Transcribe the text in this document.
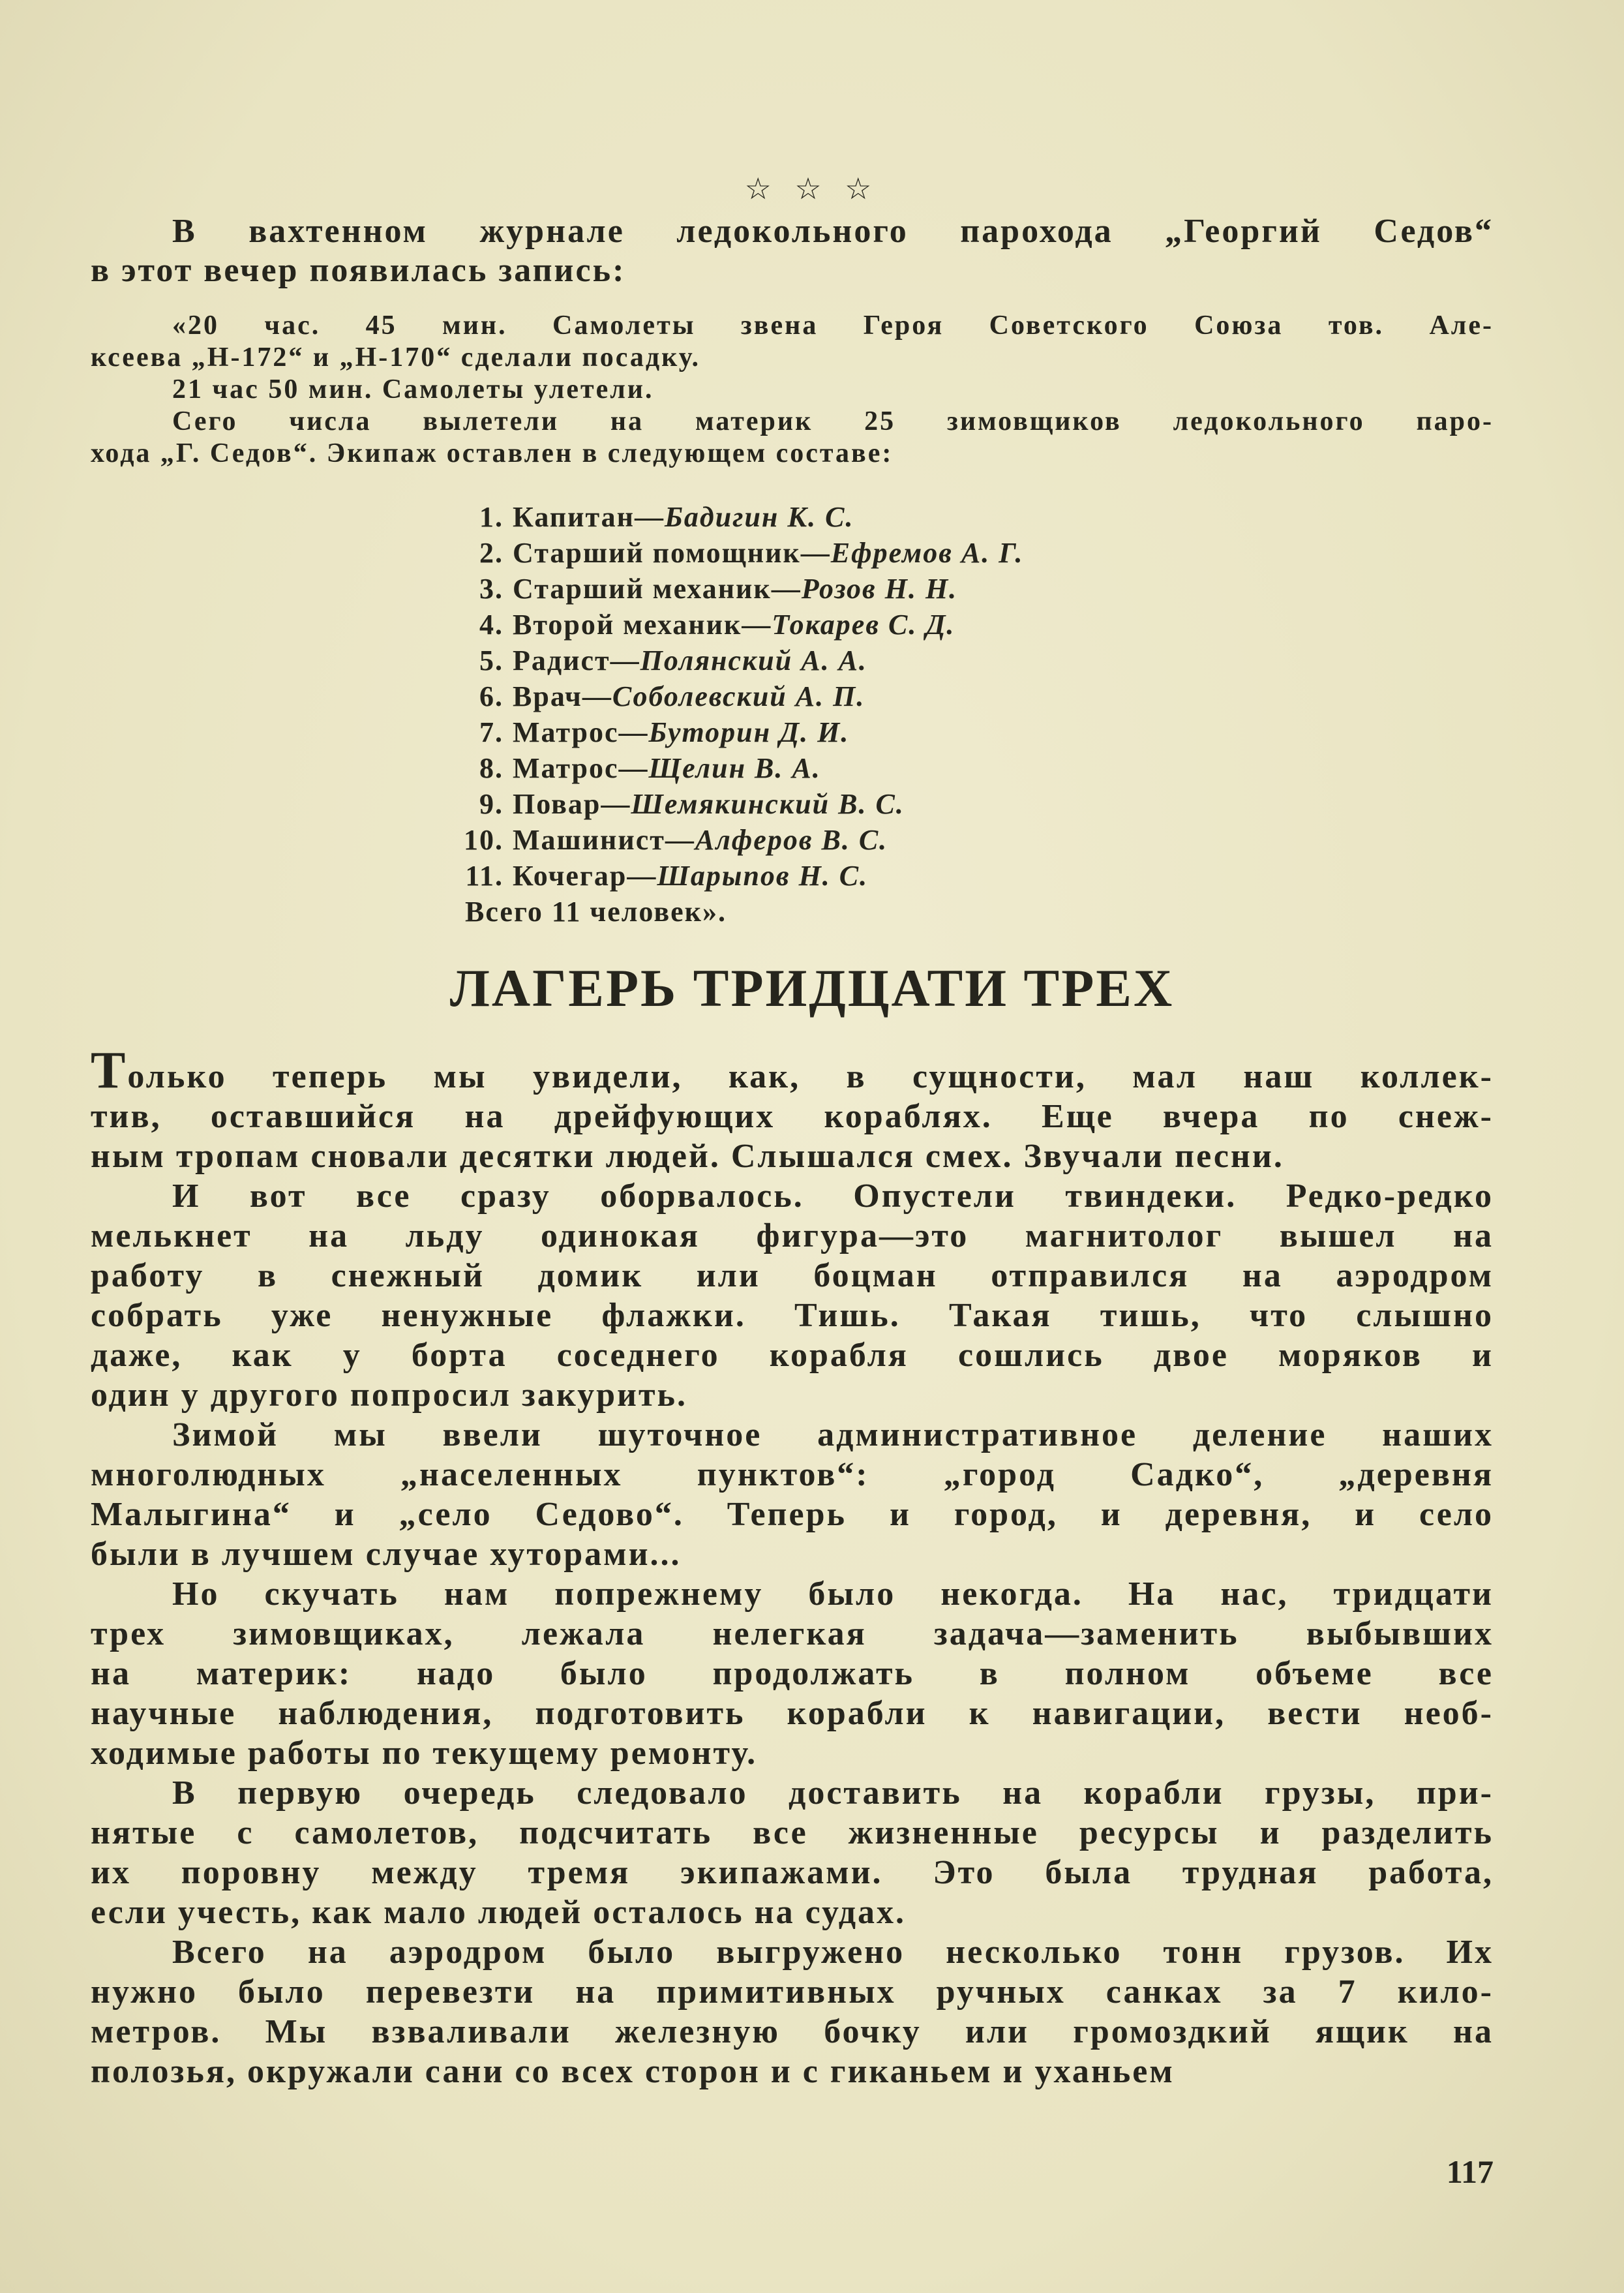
☆ ☆ ☆
В вахтенном журнале ледокольного парохода „Георгий Седов“
в этот вечер появилась запись:
«20 час. 45 мин. Самолеты звена Героя Советского Союза тов. Але-
ксеева „Н-172“ и „Н-170“ сделали посадку.
21 час 50 мин. Самолеты улетели.
Сего числа вылетели на материк 25 зимовщиков ледокольного паро-
хода „Г. Седов“. Экипаж оставлен в следующем составе:
1. Капитан—Бадигин К. С.
2. Старший помощник—Ефремов А. Г.
3. Старший механик—Розов Н. Н.
4. Второй механик—Токарев С. Д.
5. Радист—Полянский А. А.
6. Врач—Соболевский А. П.
7. Матрос—Буторин Д. И.
8. Матрос—Щелин В. А.
9. Повар—Шемякинский В. С.
10. Машинист—Алферов В. С.
11. Кочегар—Шарыпов Н. С.
Всего 11 человек».
ЛАГЕРЬ ТРИДЦАТИ ТРЕХ
Только теперь мы увидели, как, в сущности, мал наш коллек-
тив, оставшийся на дрейфующих кораблях. Еще вчера по снеж-
ным тропам сновали десятки людей. Слышался смех. Звучали песни.
И вот все сразу оборвалось. Опустели твиндеки. Редко-редко
мелькнет на льду одинокая фигура—это магнитолог вышел на
работу в снежный домик или боцман отправился на аэродром
собрать уже ненужные флажки. Тишь. Такая тишь, что слышно
даже, как у борта соседнего корабля сошлись двое моряков и
один у другого попросил закурить.
Зимой мы ввели шуточное административное деление наших
многолюдных „населенных пунктов“: „город Садко“, „деревня
Малыгина“ и „село Седово“. Теперь и город, и деревня, и село
были в лучшем случае хуторами...
Но скучать нам попрежнему было некогда. На нас, тридцати
трех зимовщиках, лежала нелегкая задача—заменить выбывших
на материк: надо было продолжать в полном объеме все
научные наблюдения, подготовить корабли к навигации, вести необ-
ходимые работы по текущему ремонту.
В первую очередь следовало доставить на корабли грузы, при-
нятые с самолетов, подсчитать все жизненные ресурсы и разделить
их поровну между тремя экипажами. Это была трудная работа,
если учесть, как мало людей осталось на судах.
Всего на аэродром было выгружено несколько тонн грузов. Их
нужно было перевезти на примитивных ручных санках за 7 кило-
метров. Мы взваливали железную бочку или громоздкий ящик на
полозья, окружали сани со всех сторон и с гиканьем и уханьем
117
